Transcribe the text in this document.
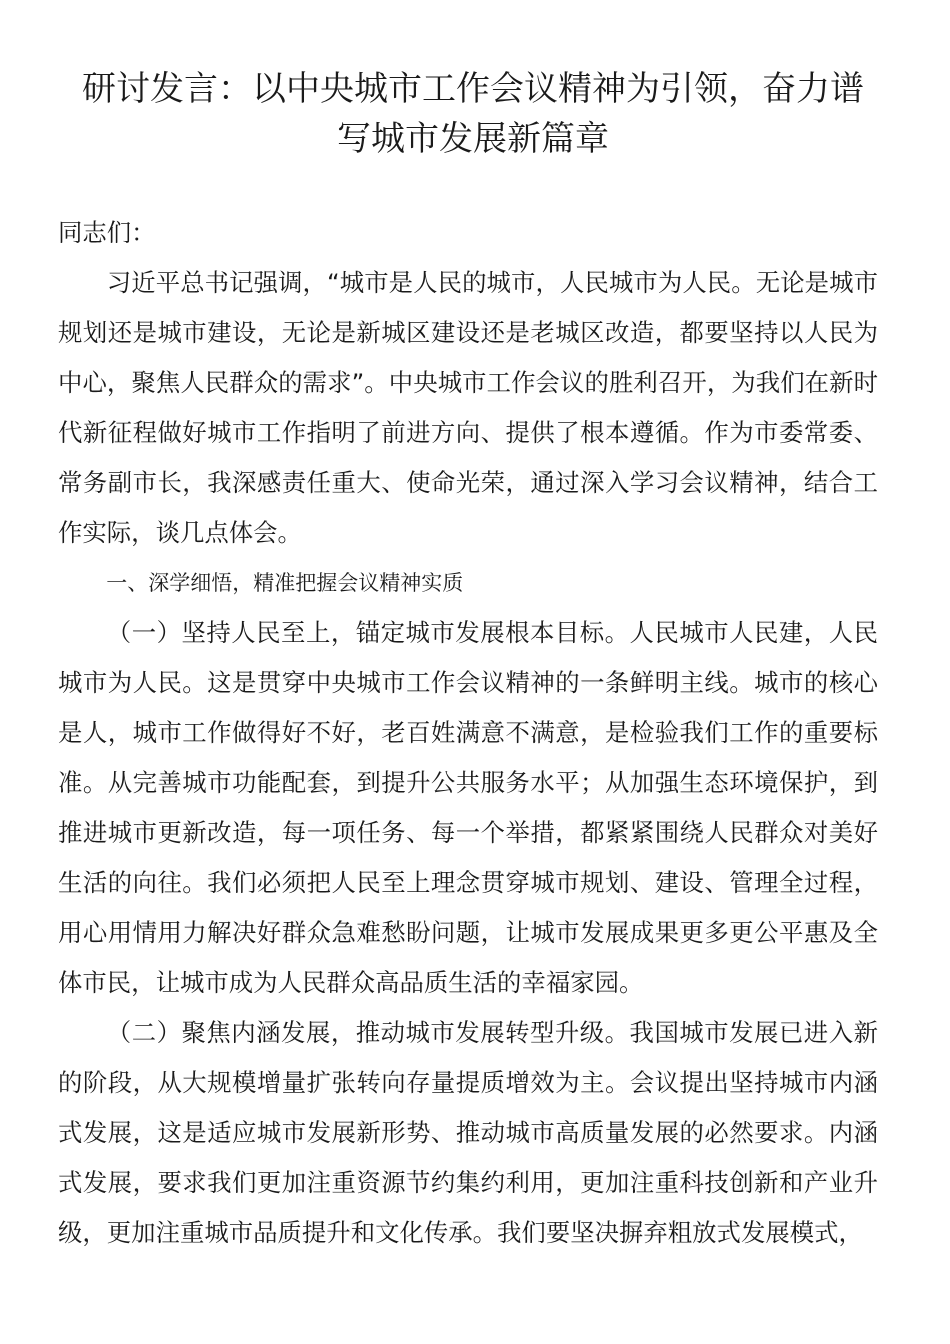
研讨发言：以中央城市工作会议精神为引领，奋力谱写城市发展新篇章

同志们：

习近平总书记强调，“城市是人民的城市，人民城市为人民。无论是城市规划还是城市建设，无论是新城区建设还是老城区改造，都要坚持以人民为中心，聚焦人民群众的需求”。中央城市工作会议的胜利召开，为我们在新时代新征程做好城市工作指明了前进方向、提供了根本遵循。作为市委常委、常务副市长，我深感责任重大、使命光荣，通过深入学习会议精神，结合工作实际，谈几点体会。

一、深学细悟，精准把握会议精神实质

（一）坚持人民至上，锚定城市发展根本目标。人民城市人民建，人民城市为人民。这是贯穿中央城市工作会议精神的一条鲜明主线。城市的核心是人，城市工作做得好不好，老百姓满意不满意，是检验我们工作的重要标准。从完善城市功能配套，到提升公共服务水平；从加强生态环境保护，到推进城市更新改造，每一项任务、每一个举措，都紧紧围绕人民群众对美好生活的向往。我们必须把人民至上理念贯穿城市规划、建设、管理全过程，用心用情用力解决好群众急难愁盼问题，让城市发展成果更多更公平惠及全体市民，让城市成为人民群众高品质生活的幸福家园。

（二）聚焦内涵发展，推动城市发展转型升级。我国城市发展已进入新的阶段，从大规模增量扩张转向存量提质增效为主。会议提出坚持城市内涵式发展，这是适应城市发展新形势、推动城市高质量发展的必然要求。内涵式发展，要求我们更加注重资源节约集约利用，更加注重科技创新和产业升级，更加注重城市品质提升和文化传承。我们要坚决摒弃粗放式发展模式，
